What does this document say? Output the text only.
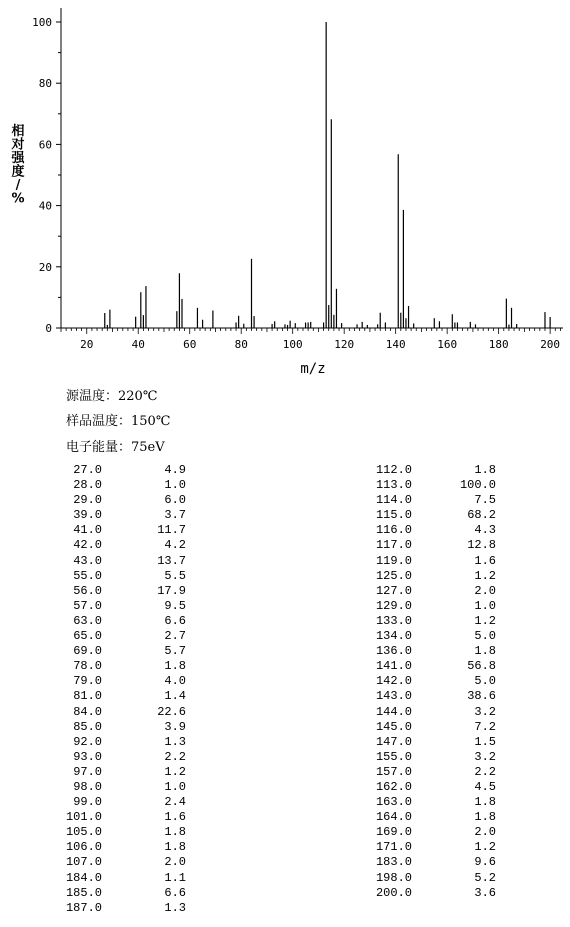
0
20
40
60
80
100
20	40	60	80	100	120	140	160	180	200
m/z
相对强度/ %
源温度：220℃
样品温度：150℃
电子能量：75eV
27.0	4.9
28.0	1.0
29.0	6.0
39.0	3.7
41.0	11.7
42.0	4.2
43.0	13.7
55.0	5.5
56.0	17.9
57.0	9.5
63.0	6.6
65.0	2.7
69.0	5.7
78.0	1.8
79.0	4.0
81.0	1.4
84.0	22.6
85.0	3.9
92.0	1.3
93.0	2.2
97.0	1.2
98.0	1.0
99.0	2.4
101.0	1.6
105.0	1.8
106.0	1.8
107.0	2.0
184.0	1.1
185.0	6.6
187.0	1.3
112.0	1.8
113.0	100.0
114.0	7.5
115.0	68.2
116.0	4.3
117.0	12.8
119.0	1.6
125.0	1.2
127.0	2.0
129.0	1.0
133.0	1.2
134.0	5.0
136.0	1.8
141.0	56.8
142.0	5.0
143.0	38.6
144.0	3.2
145.0	7.2
147.0	1.5
155.0	3.2
157.0	2.2
162.0	4.5
163.0	1.8
164.0	1.8
169.0	2.0
171.0	1.2
183.0	9.6
198.0	5.2
200.0	3.6
